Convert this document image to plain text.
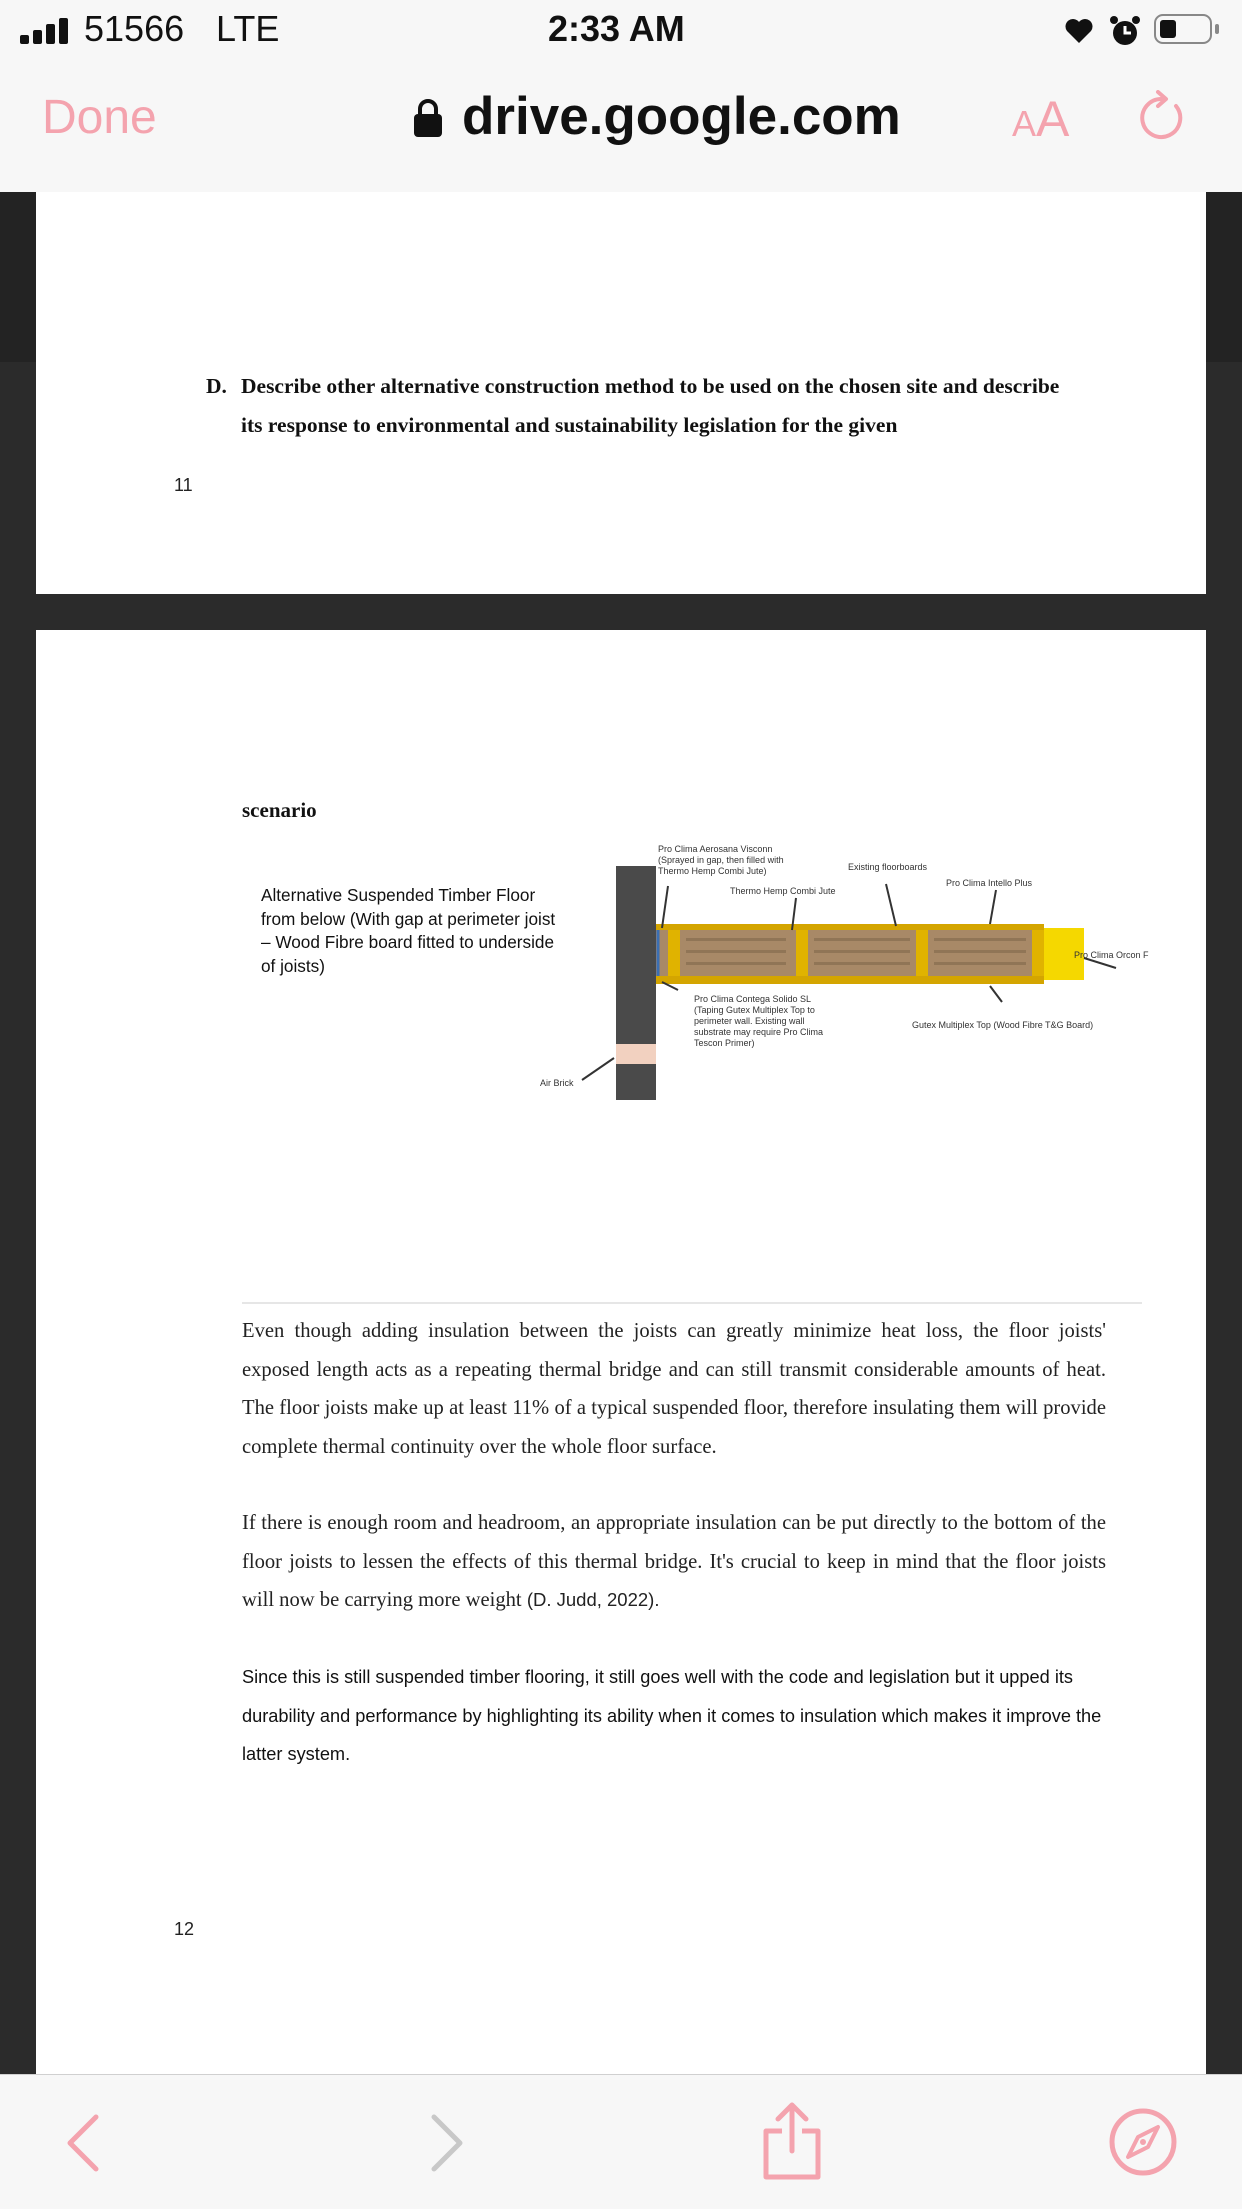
51566 LTE	2:33 AM
Done	drive.google.com	AA
D. Describe other alternative construction method to be used on the chosen site and describe its response to environmental and sustainability legislation for the given
11
scenario
Alternative Suspended Timber Floor from below (With gap at perimeter joist – Wood Fibre board fitted to underside of joists)
Pro Clima Aerosana Visconn
(Sprayed in gap, then filled with
Thermo Hemp Combi Jute)	Existing floorboards
Pro Clima Intello Plus
Thermo Hemp Combi Jute
Pro Clima Orcon F
Pro Clima Contega Solido SL
(Taping Gutex Multiplex Top to
perimeter wall. Existing wall
substrate may require Pro Clima
Tescon Primer)
Gutex Multiplex Top (Wood Fibre T&G Board)
Air Brick
Even though adding insulation between the joists can greatly minimize heat loss, the floor joists' exposed length acts as a repeating thermal bridge and can still transmit considerable amounts of heat. The floor joists make up at least 11% of a typical suspended floor, therefore insulating them will provide complete thermal continuity over the whole floor surface.
If there is enough room and headroom, an appropriate insulation can be put directly to the bottom of the floor joists to lessen the effects of this thermal bridge. It's crucial to keep in mind that the floor joists will now be carrying more weight (D. Judd, 2022).
Since this is still suspended timber flooring, it still goes well with the code and legislation but it upped its durability and performance by highlighting its ability when it comes to insulation which makes it improve the latter system.
12
